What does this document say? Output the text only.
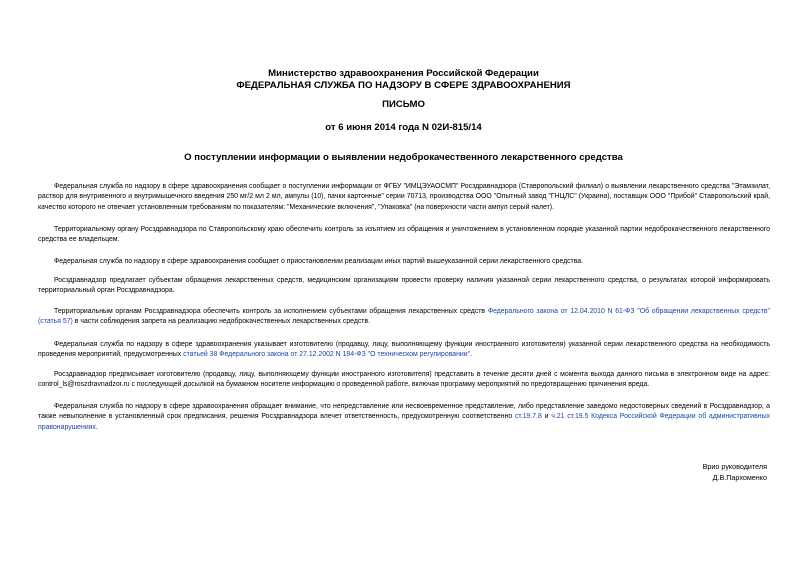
Министерство здравоохранения Российской Федерации
ФЕДЕРАЛЬНАЯ СЛУЖБА ПО НАДЗОРУ В СФЕРЕ ЗДРАВООХРАНЕНИЯ
ПИСЬМО
от 6 июня 2014 года N 02И-815/14
О поступлении информации о выявлении недоброкачественного лекарственного средства

Федеральная служба по надзору в сфере здравоохранения сообщает о поступлении информации от ФГБУ "ИМЦЭУАОСМП" Росздравнадзора (Ставропольский филиал) о выявлении лекарственного средства "Этамзилат, раствор для внутривенного и внутримышечного введения 250 мг/2 мл 2 мл, ампулы (10), пачки картонные" серии 70713, производства ООО "Опытный завод "ГНЦЛС" (Украина), поставщик ООО "Прибой" Ставропольский край, качество которого не отвечает установленным требованиям по показателям: "Механические включения", "Упаковка" (на поверхности части ампул серый налет).

Территориальному органу Росздравнадзора по Ставропольскому краю обеспечить контроль за изъятием из обращения и уничтожением в установленном порядке указанной партии недоброкачественного лекарственного средства ее владельцем.

Федеральная служба по надзору в сфере здравоохранения сообщает о приостановлении реализации иных партий вышеуказанной серии лекарственного средства.

Росздравнадзор предлагает субъектам обращения лекарственных средств, медицинским организациям провести проверку наличия указанной серии лекарственного средства, о результатах которой информировать территориальный орган Росздравнадзора.

Территориальным органам Росздравнадзора обеспечить контроль за исполнением субъектами обращения лекарственных средств Федерального закона от 12.04.2010 N 61-ФЗ "Об обращении лекарственных средств" (статья 57) в части соблюдения запрета на реализацию недоброкачественных лекарственных средств.

Федеральная служба по надзору в сфере здравоохранения указывает изготовителю (продавцу, лицу, выполняющему функции иностранного изготовителя) указанной серии лекарственного средства на необходимость проведения мероприятий, предусмотренных статьей 38 Федерального закона от 27.12.2002 N 184-ФЗ "О техническом регулировании".

Росздравнадзор предписывает изготовителю (продавцу, лицу, выполняющему функции иностранного изготовителя) представить в течение десяти дней с момента выхода данного письма в электронном виде на адрес: control_ls@roszdravnadzor.ru с последующей досылкой на бумажном носителе информацию о проведенной работе, включая программу мероприятий по предотвращению причинения вреда.

Федеральная служба по надзору в сфере здравоохранения обращает внимание, что непредставление или несвоевременное представление, либо представление заведомо недостоверных сведений в Росздравнадзор, а также невыполнение в установленный срок предписания, решения Росздравнадзора влечет ответственность, предусмотренную соответственно ст.19.7.8 и ч.21 ст.19.5 Кодекса Российской Федерации об административных правонарушениях.

Врио руководителя
Д.В.Пархоменко
